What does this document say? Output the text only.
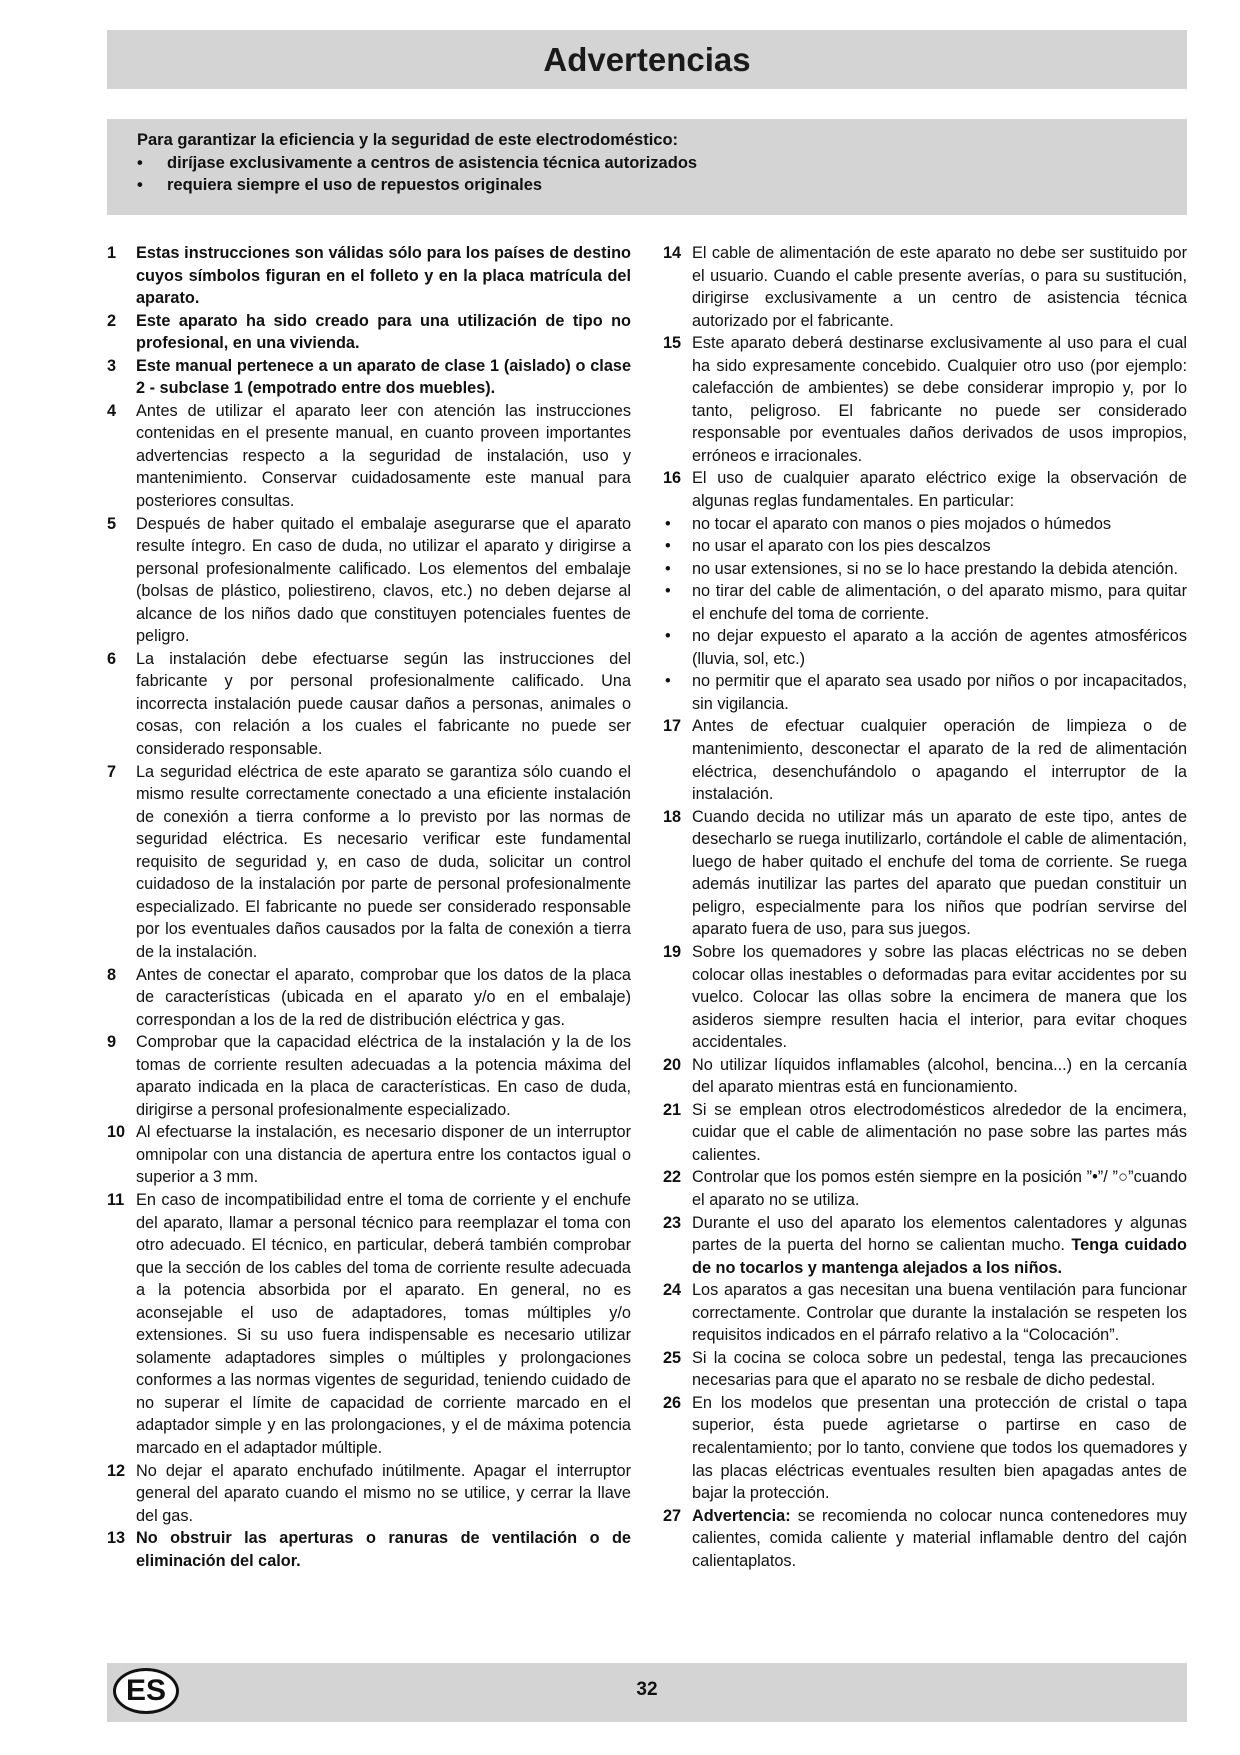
Advertencias
Para garantizar la eficiencia y la seguridad de este electrodoméstico:
• diríjase exclusivamente a centros de asistencia técnica autorizados
• requiera siempre el uso de repuestos originales
1 Estas instrucciones son válidas sólo para los países de destino cuyos símbolos figuran en el folleto y en la placa matrícula del aparato.
2 Este aparato ha sido creado para una utilización de tipo no profesional, en una vivienda.
3 Este manual pertenece a un aparato de clase 1 (aislado) o clase 2 - subclase 1 (empotrado entre dos muebles).
4 Antes de utilizar el aparato leer con atención las instrucciones contenidas en el presente manual, en cuanto proveen importantes advertencias respecto a la seguridad de instalación, uso y mantenimiento. Conservar cuidadosamente este manual para posteriores consultas.
5 Después de haber quitado el embalaje asegurarse que el aparato resulte íntegro. En caso de duda, no utilizar el aparato y dirigirse a personal profesionalmente calificado. Los elementos del embalaje (bolsas de plástico, poliestireno, clavos, etc.) no deben dejarse al alcance de los niños dado que constituyen potenciales fuentes de peligro.
6 La instalación debe efectuarse según las instrucciones del fabricante y por personal profesionalmente calificado. Una incorrecta instalación puede causar daños a personas, animales o cosas, con relación a los cuales el fabricante no puede ser considerado responsable.
7 La seguridad eléctrica de este aparato se garantiza sólo cuando el mismo resulte correctamente conectado a una eficiente instalación de conexión a tierra conforme a lo previsto por las normas de seguridad eléctrica. Es necesario verificar este fundamental requisito de seguridad y, en caso de duda, solicitar un control cuidadoso de la instalación por parte de personal profesionalmente especializado. El fabricante no puede ser considerado responsable por los eventuales daños causados por la falta de conexión a tierra de la instalación.
8 Antes de conectar el aparato, comprobar que los datos de la placa de características (ubicada en el aparato y/o en el embalaje) correspondan a los de la red de distribución eléctrica y gas.
9 Comprobar que la capacidad eléctrica de la instalación y la de los tomas de corriente resulten adecuadas a la potencia máxima del aparato indicada en la placa de características. En caso de duda, dirigirse a personal profesionalmente especializado.
10 Al efectuarse la instalación, es necesario disponer de un interruptor omnipolar con una distancia de apertura entre los contactos igual o superior a 3 mm.
11 En caso de incompatibilidad entre el toma de corriente y el enchufe del aparato, llamar a personal técnico para reemplazar el toma con otro adecuado. El técnico, en particular, deberá también comprobar que la sección de los cables del toma de corriente resulte adecuada a la potencia absorbida por el aparato. En general, no es aconsejable el uso de adaptadores, tomas múltiples y/o extensiones. Si su uso fuera indispensable es necesario utilizar solamente adaptadores simples o múltiples y prolongaciones conformes a las normas vigentes de seguridad, teniendo cuidado de no superar el límite de capacidad de corriente marcado en el adaptador simple y en las prolongaciones, y el de máxima potencia marcado en el adaptador múltiple.
12 No dejar el aparato enchufado inútilmente. Apagar el interruptor general del aparato cuando el mismo no se utilice, y cerrar la llave del gas.
13 No obstruir las aperturas o ranuras de ventilación o de eliminación del calor.
14 El cable de alimentación de este aparato no debe ser sustituido por el usuario. Cuando el cable presente averías, o para su sustitución, dirigirse exclusivamente a un centro de asistencia técnica autorizado por el fabricante.
15 Este aparato deberá destinarse exclusivamente al uso para el cual ha sido expresamente concebido. Cualquier otro uso (por ejemplo: calefacción de ambientes) se debe considerar impropio y, por lo tanto, peligroso. El fabricante no puede ser considerado responsable por eventuales daños derivados de usos impropios, erróneos e irracionales.
16 El uso de cualquier aparato eléctrico exige la observación de algunas reglas fundamentales. En particular:
• no tocar el aparato con manos o pies mojados o húmedos
• no usar el aparato con los pies descalzos
• no usar extensiones, si no se lo hace prestando la debida atención.
• no tirar del cable de alimentación, o del aparato mismo, para quitar el enchufe del toma de corriente.
• no dejar expuesto el aparato a la acción de agentes atmosféricos (lluvia, sol, etc.)
• no permitir que el aparato sea usado por niños o por incapacitados, sin vigilancia.
17 Antes de efectuar cualquier operación de limpieza o de mantenimiento, desconectar el aparato de la red de alimentación eléctrica, desenchufándolo o apagando el interruptor de la instalación.
18 Cuando decida no utilizar más un aparato de este tipo, antes de desecharlo se ruega inutilizarlo, cortándole el cable de alimentación, luego de haber quitado el enchufe del toma de corriente. Se ruega además inutilizar las partes del aparato que puedan constituir un peligro, especialmente para los niños que podrían servirse del aparato fuera de uso, para sus juegos.
19 Sobre los quemadores y sobre las placas eléctricas no se deben colocar ollas inestables o deformadas para evitar accidentes por su vuelco. Colocar las ollas sobre la encimera de manera que los asideros siempre resulten hacia el interior, para evitar choques accidentales.
20 No utilizar líquidos inflamables (alcohol, bencina...) en la cercanía del aparato mientras está en funcionamiento.
21 Si se emplean otros electrodomésticos alrededor de la encimera, cuidar que el cable de alimentación no pase sobre las partes más calientes.
22 Controlar que los pomos estén siempre en la posición ”•”/ ”○”cuando el aparato no se utiliza.
23 Durante el uso del aparato los elementos calentadores y algunas partes de la puerta del horno se calientan mucho. Tenga cuidado de no tocarlos y mantenga alejados a los niños.
24 Los aparatos a gas necesitan una buena ventilación para funcionar correctamente. Controlar que durante la instalación se respeten los requisitos indicados en el párrafo relativo a la “Colocación”.
25 Si la cocina se coloca sobre un pedestal, tenga las precauciones necesarias para que el aparato no se resbale de dicho pedestal.
26 En los modelos que presentan una protección de cristal o tapa superior, ésta puede agrietarse o partirse en caso de recalentamiento; por lo tanto, conviene que todos los quemadores y las placas eléctricas eventuales resulten bien apagadas antes de bajar la protección.
27 Advertencia: se recomienda no colocar nunca contenedores muy calientes, comida caliente y material inflamable dentro del cajón calientaplatos.
ES	32
